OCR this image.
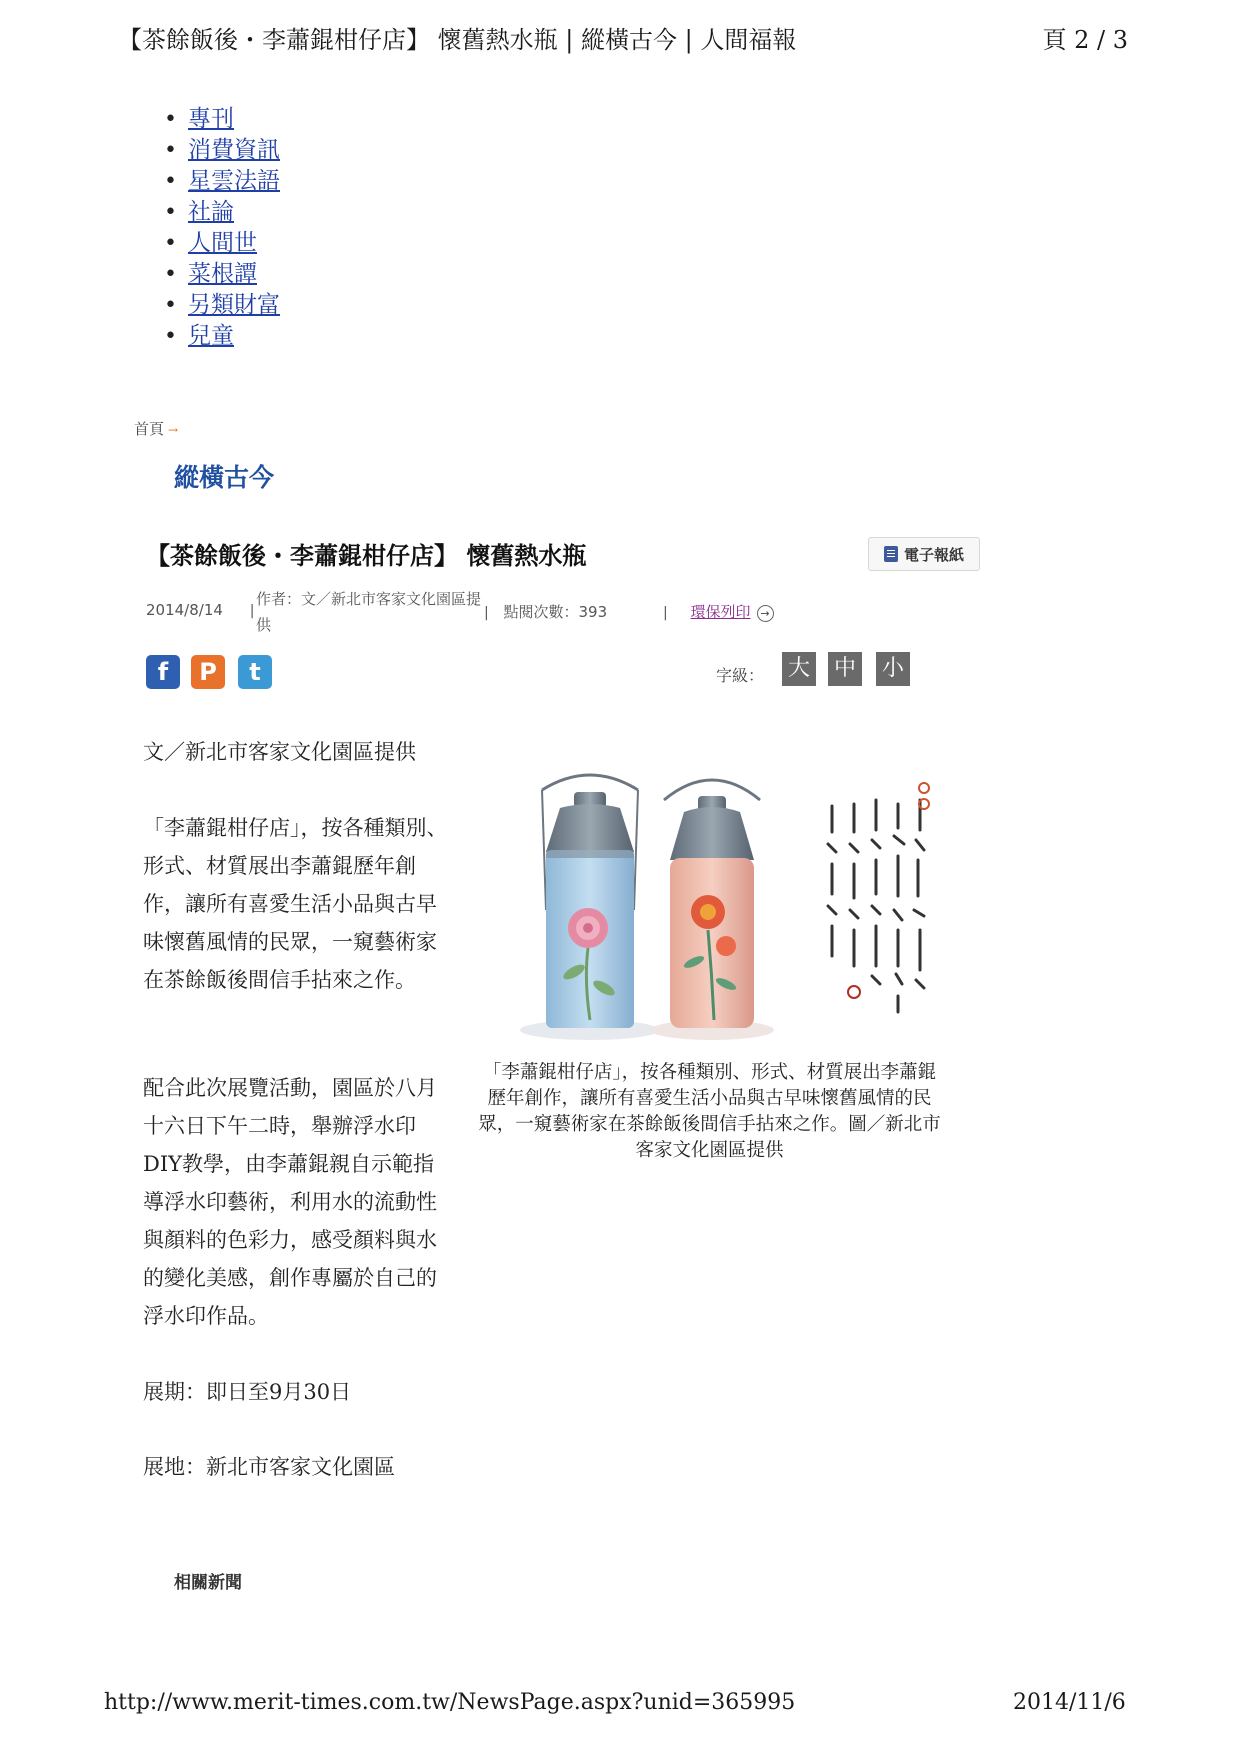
【茶餘飯後・李蕭錕柑仔店】 懷舊熱水瓶 | 縱橫古今 | 人間福報	頁 2 / 3
• 專刊
• 消費資訊
• 星雲法語
• 社論
• 人間世
• 菜根譚
• 另類財富
• 兒童
首頁 →
縱橫古今
【茶餘飯後・李蕭錕柑仔店】 懷舊熱水瓶	電子報紙
2014/8/14 |
作者：文／新北市客家文化園區提供
| 點閱次數：393	| 環保列印 →
f	P	t	字級： 大 中 小
文／新北市客家文化園區提供
「李蕭錕柑仔店」，按各種類別、形式、材質展出李蕭錕歷年創作，讓所有喜愛生活小品與古早味懷舊風情的民眾，一窺藝術家在茶餘飯後間信手拈來之作。
配合此次展覽活動，園區於八月十六日下午二時，舉辦浮水印DIY教學，由李蕭錕親自示範指導浮水印藝術，利用水的流動性與顏料的色彩力，感受顏料與水的變化美感，創作專屬於自己的浮水印作品。
展期：即日至9月30日
展地：新北市客家文化園區
「李蕭錕柑仔店」，按各種類別、形式、材質展出李蕭錕歷年創作，讓所有喜愛生活小品與古早味懷舊風情的民眾，一窺藝術家在茶餘飯後間信手拈來之作。圖／新北市客家文化園區提供
相關新聞
http://www.merit-times.com.tw/NewsPage.aspx?unid=365995	2014/11/6
